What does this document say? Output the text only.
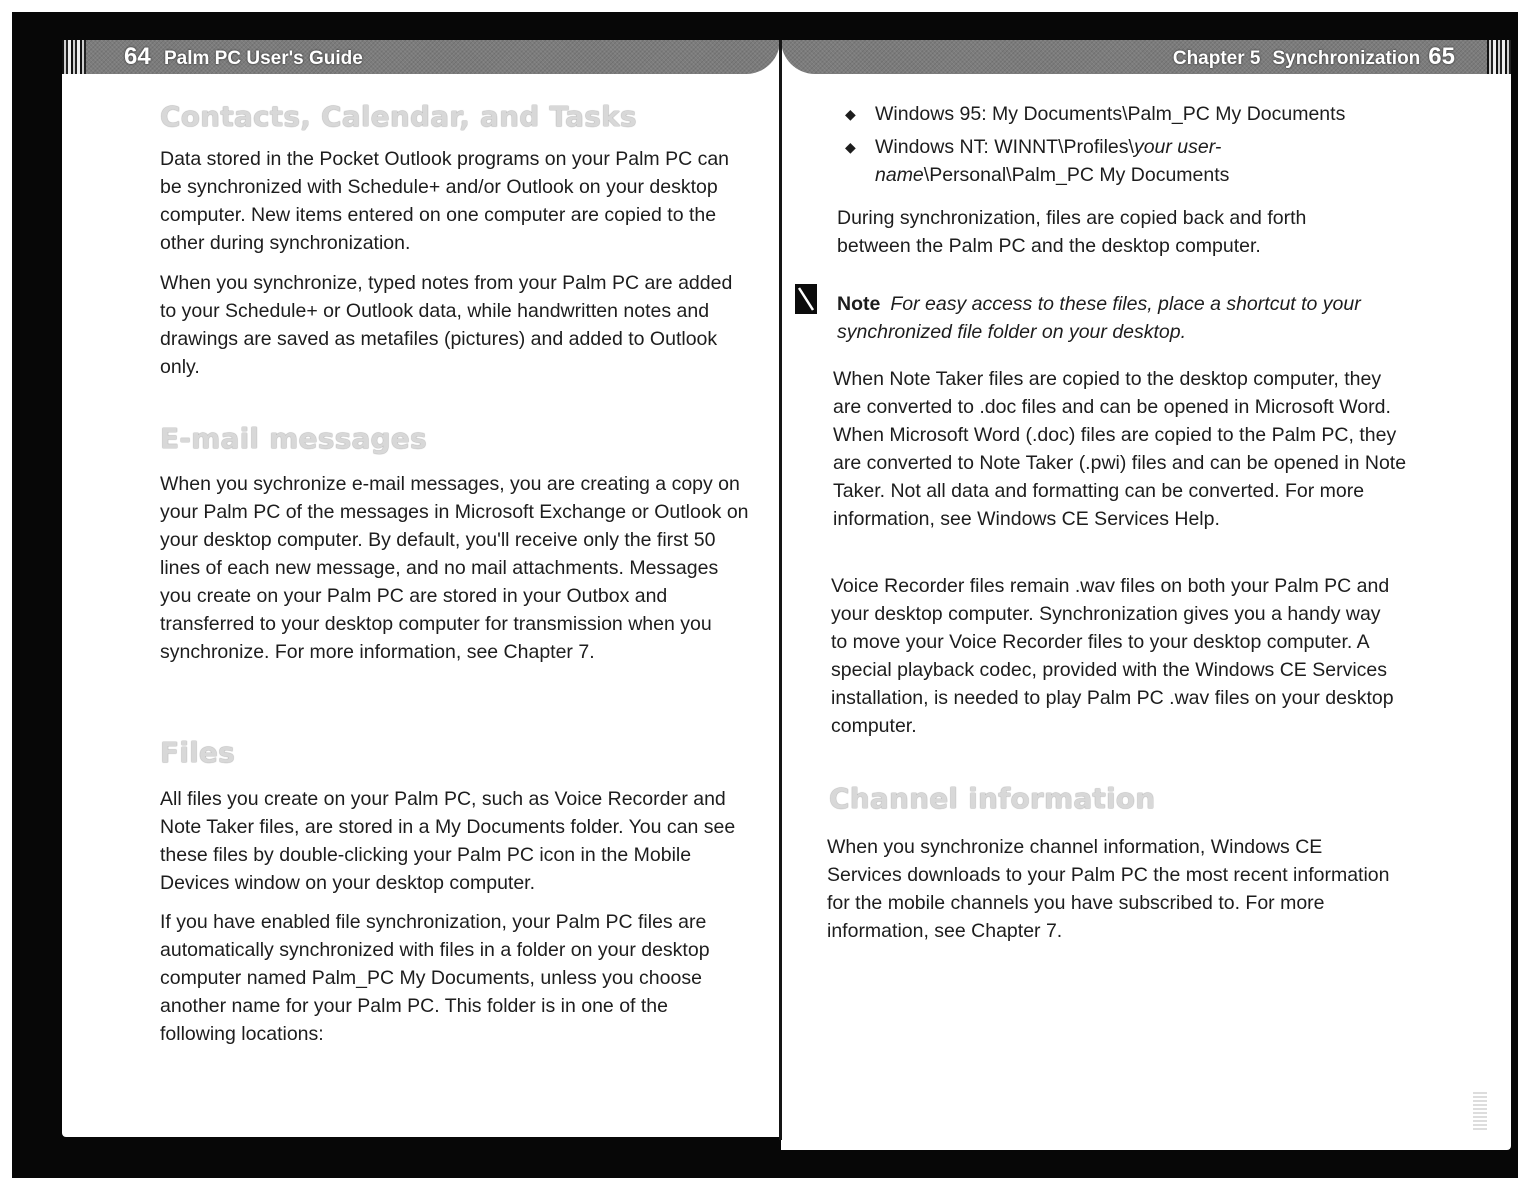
64 Palm PC User's Guide
Contacts, Calendar, and Tasks

Data stored in the Pocket Outlook programs on your Palm PC can be synchronized with Schedule+ and/or Outlook on your desktop computer. New items entered on one computer are copied to the other during synchronization.

When you synchronize, typed notes from your Palm PC are added to your Schedule+ or Outlook data, while handwritten notes and drawings are saved as metafiles (pictures) and added to Outlook only.

E-mail messages

When you sychronize e-mail messages, you are creating a copy on your Palm PC of the messages in Microsoft Exchange or Outlook on your desktop computer. By default, you'll receive only the first 50 lines of each new message, and no mail attachments. Messages you create on your Palm PC are stored in your Outbox and transferred to your desktop computer for transmission when you synchronize. For more information, see Chapter 7.

Files

All files you create on your Palm PC, such as Voice Recorder and Note Taker files, are stored in a My Documents folder. You can see these files by double-clicking your Palm PC icon in the Mobile Devices window on your desktop computer.

If you have enabled file synchronization, your Palm PC files are automatically synchronized with files in a folder on your desktop computer named Palm_PC My Documents, unless you choose another name for your Palm PC. This folder is in one of the following locations:

Chapter 5 Synchronization 65
◆ Windows 95: My Documents\Palm_PC My Documents
◆ Windows NT: WINNT\Profiles\your user-name\Personal\Palm_PC My Documents

During synchronization, files are copied back and forth between the Palm PC and the desktop computer.

Note For easy access to these files, place a shortcut to your synchronized file folder on your desktop.

When Note Taker files are copied to the desktop computer, they are converted to .doc files and can be opened in Microsoft Word. When Microsoft Word (.doc) files are copied to the Palm PC, they are converted to Note Taker (.pwi) files and can be opened in Note Taker. Not all data and formatting can be converted. For more information, see Windows CE Services Help.

Voice Recorder files remain .wav files on both your Palm PC and your desktop computer. Synchronization gives you a handy way to move your Voice Recorder files to your desktop computer. A special playback codec, provided with the Windows CE Services installation, is needed to play Palm PC .wav files on your desktop computer.

Channel information

When you synchronize channel information, Windows CE Services downloads to your Palm PC the most recent information for the mobile channels you have subscribed to. For more information, see Chapter 7.
